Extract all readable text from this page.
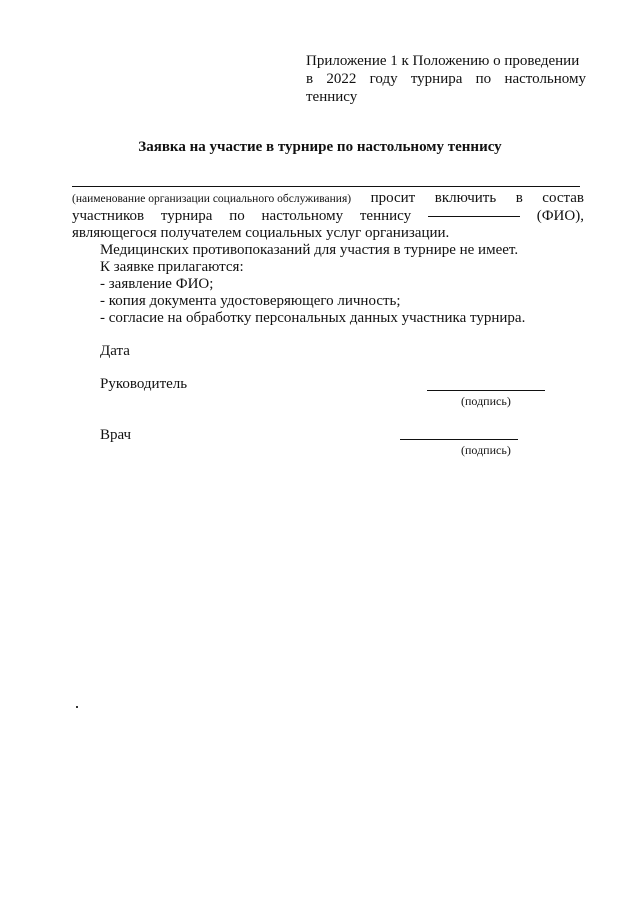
Приложение 1 к Положению о проведении
в 2022 году турнира по настольному
теннису
Заявка на участие в турнире по настольному теннису
(наименование организации социального обслуживания) просит включить в состав
участников турнира по настольному теннису	(ФИО),
являющегося получателем социальных услуг организации.
Медицинских противопоказаний для участия в турнире не имеет.
К заявке прилагаются:
- заявление ФИО;
- копия документа удостоверяющего личность;
- согласие на обработку персональных данных участника турнира.
Дата
Руководитель
(подпись)
Врач
(подпись)
